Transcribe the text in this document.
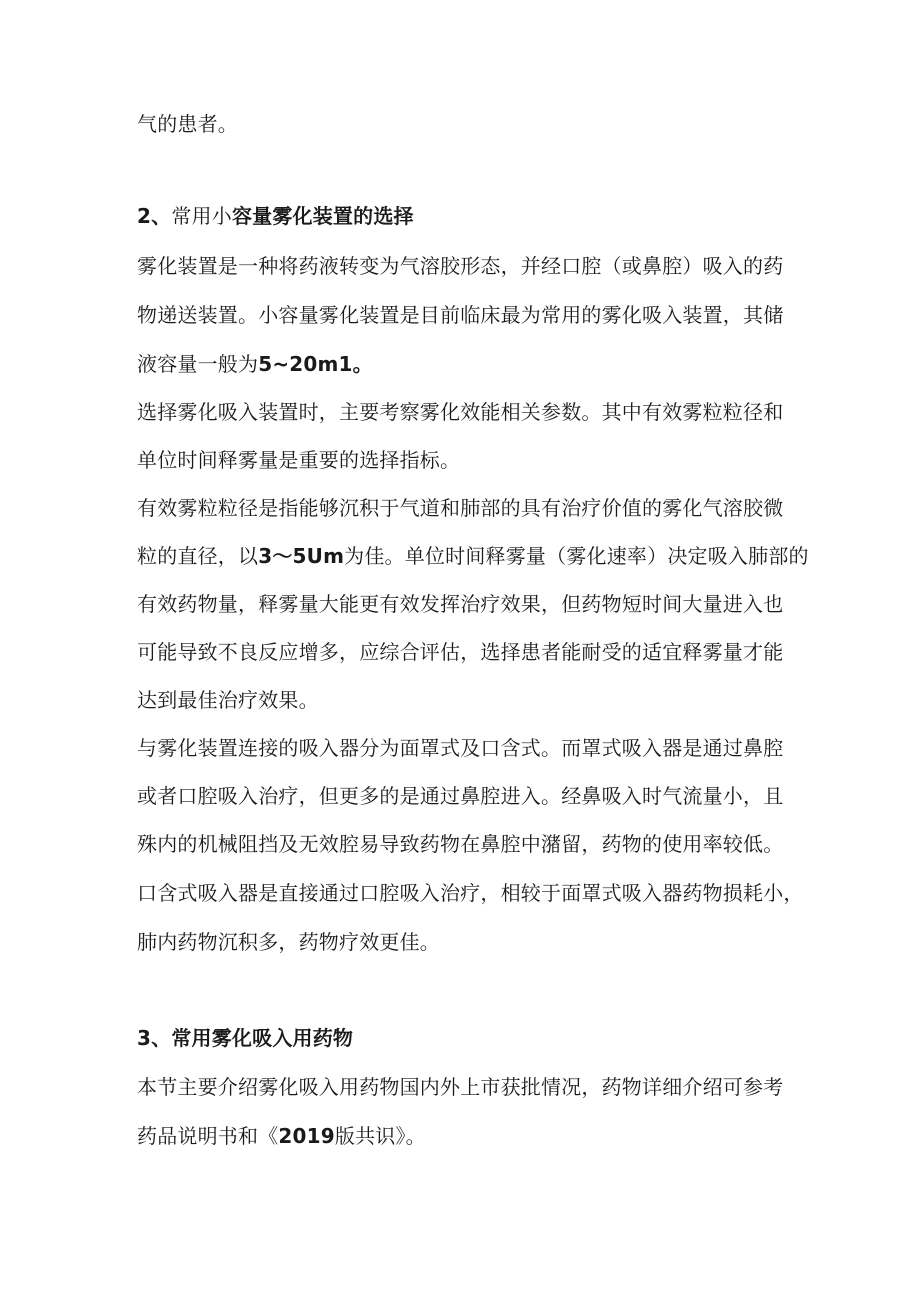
气的患者。
2、常用小容量雾化装置的选择
雾化装置是一种将药液转变为气溶胶形态，并经口腔（或鼻腔）吸入的药
物递送装置。小容量雾化装置是目前临床最为常用的雾化吸入装置，其储
液容量一般为5~20m1。
选择雾化吸入装置时，主要考察雾化效能相关参数。其中有效雾粒粒径和
单位时间释雾量是重要的选择指标。
有效雾粒粒径是指能够沉积于气道和肺部的具有治疗价值的雾化气溶胶微
粒的直径，以3〜5Um为佳。单位时间释雾量（雾化速率）决定吸入肺部的
有效药物量，释雾量大能更有效发挥治疗效果，但药物短时间大量进入也
可能导致不良反应增多，应综合评估，选择患者能耐受的适宜释雾量才能
达到最佳治疗效果。
与雾化装置连接的吸入器分为面罩式及口含式。而罩式吸入器是通过鼻腔
或者口腔吸入治疗，但更多的是通过鼻腔进入。经鼻吸入时气流量小，且
殊内的机械阻挡及无效腔易导致药物在鼻腔中潴留，药物的使用率较低。
口含式吸入器是直接通过口腔吸入治疗，相较于面罩式吸入器药物损耗小，
肺内药物沉积多，药物疗效更佳。
3、常用雾化吸入用药物
本节主要介绍雾化吸入用药物国内外上市获批情况，药物详细介绍可参考
药品说明书和《2019版共识》。
